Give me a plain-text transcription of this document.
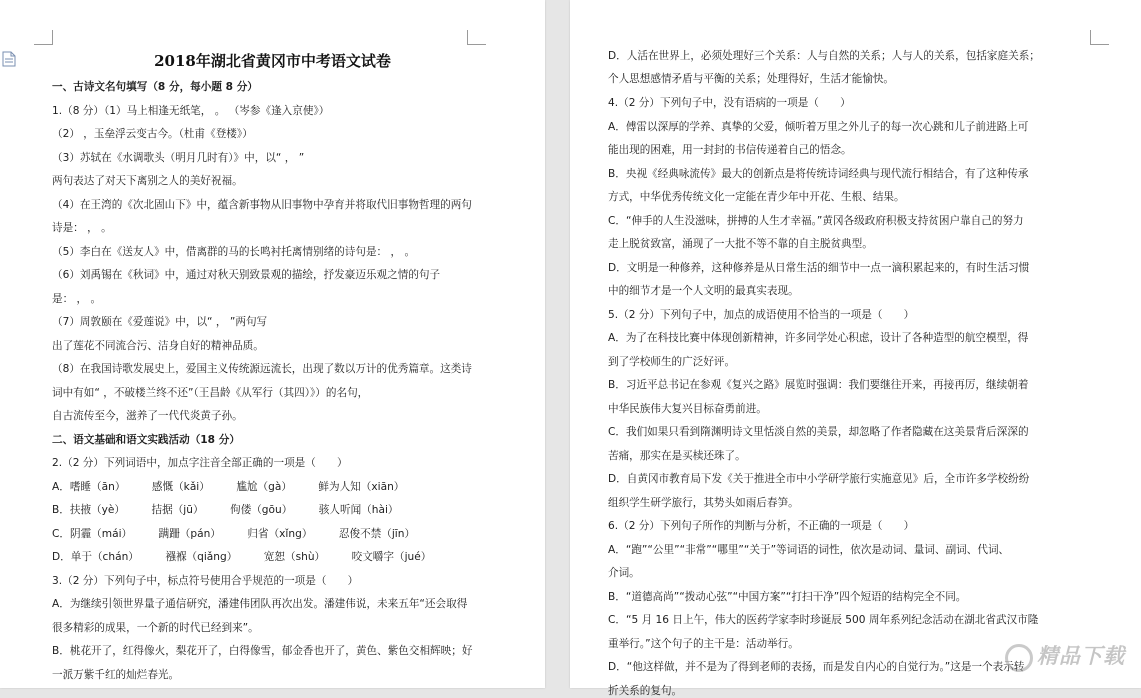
2018年湖北省黄冈市中考语文试卷
一、古诗文名句填写（8 分，每小题 8 分）
1.（8 分）（1）马上相逢无纸笔， 。 （岑参《逢入京使》）
（2） ，玉垒浮云变古今。（杜甫《登楼》）
（3）苏轼在《水调歌头（明月几时有）》中，以“ ， ”
两句表达了对天下离别之人的美好祝福。
（4）在王湾的《次北固山下》中，蕴含新事物从旧事物中孕育并将取代旧事物哲理的两句
诗是： ， 。
（5）李白在《送友人》中，借离群的马的长鸣衬托离情别绪的诗句是： ， 。
（6）刘禹锡在《秋词》中，通过对秋天别致景观的描绘，抒发豪迈乐观之情的句子
是： ， 。
（7）周敦颐在《爱莲说》中，以“ ， ”两句写
出了莲花不同流合污、洁身自好的精神品质。
（8）在我国诗歌发展史上，爱国主义传统源远流长，出现了数以万计的优秀篇章。这类诗
词中有如“ ，不破楼兰终不还”（王昌龄《从军行（其四）》）的名句，
自古流传至今，滋养了一代代炎黄子孙。
二、语文基础和语文实践活动（18 分）
2.（2 分）下列词语中，加点字注音全部正确的一项是（　　）
A．嗜睡（ān）　　　感慨（kǎi）　　　尴尬（gà）　　　鲜为人知（xiān）
B．扶掖（yè）　　　拮据（jū）　　　佝偻（gōu）　　　骇人听闻（hài）
C．阴霾（mái）　　　蹒跚（pán）　　　归省（xǐng）　　　忍俊不禁（jīn）
D．单于（chán）　　　襁褓（qiǎng）　　　宽恕（shù）　　　咬文嚼字（jué）
3.（2 分）下列句子中，标点符号使用合乎规范的一项是（　　）
A．为继续引领世界量子通信研究，潘建伟团队再次出发。潘建伟说，未来五年“还会取得
很多精彩的成果，一个新的时代已经到来”。
B．桃花开了，红得像火，梨花开了，白得像雪，郁金香也开了，黄色、紫色交相辉映；好
一派万紫千红的灿烂春光。
D．人活在世界上，必须处理好三个关系：人与自然的关系；人与人的关系，包括家庭关系；
个人思想感情矛盾与平衡的关系；处理得好，生活才能愉快。
4.（2 分）下列句子中，没有语病的一项是（　　）
A．傅雷以深厚的学养、真挚的父爱，倾听着万里之外儿子的每一次心跳和儿子前进路上可
能出现的困难，用一封封的书信传递着自己的悟念。
B．央视《经典咏流传》最大的创新点是将传统诗词经典与现代流行相结合，有了这种传承
方式，中华优秀传统文化一定能在青少年中开花、生根、结果。
C．“伸手的人生没滋味，拼搏的人生才幸福。”黄冈各级政府积极支持贫困户靠自己的努力
走上脱贫致富，涌现了一大批不等不靠的自主脱贫典型。
D．文明是一种修养，这种修养是从日常生活的细节中一点一滴积累起来的，有时生活习惯
中的细节才是一个人文明的最真实表现。
5.（2 分）下列句子中，加点的成语使用不恰当的一项是（　　）
A．为了在科技比赛中体现创新精神，许多同学处心积虑，设计了各种造型的航空模型，得
到了学校师生的广泛好评。
B．习近平总书记在参观《复兴之路》展览时强调：我们要继往开来，再接再厉，继续朝着
中华民族伟大复兴目标奋勇前进。
C．我们如果只看到隋渊明诗文里恬淡自然的美景，却忽略了作者隐藏在这美景背后深深的
苦痛，那实在是买椟还珠了。
D．自黄冈市教育局下发《关于推进全市中小学研学旅行实施意见》后，全市许多学校纷纷
组织学生研学旅行，其势头如雨后春笋。
6.（2 分）下列句子所作的判断与分析，不正确的一项是（　　）
A．“跑”“公里”“非常”“哪里”“关于”等词语的词性，依次是动词、量词、副词、代词、
介词。
B．“道德高尚”“拨动心弦”“中国方案”“打扫干净”四个短语的结构完全不同。
C．“5 月 16 日上午，伟大的医药学家李时珍诞辰 500 周年系列纪念活动在湖北省武汉市隆
重举行。”这个句子的主干是：活动举行。
D．“他这样做，并不是为了得到老师的表扬，而是发自内心的自觉行为。”这是一个表示转
折关系的复句。
精品下载
